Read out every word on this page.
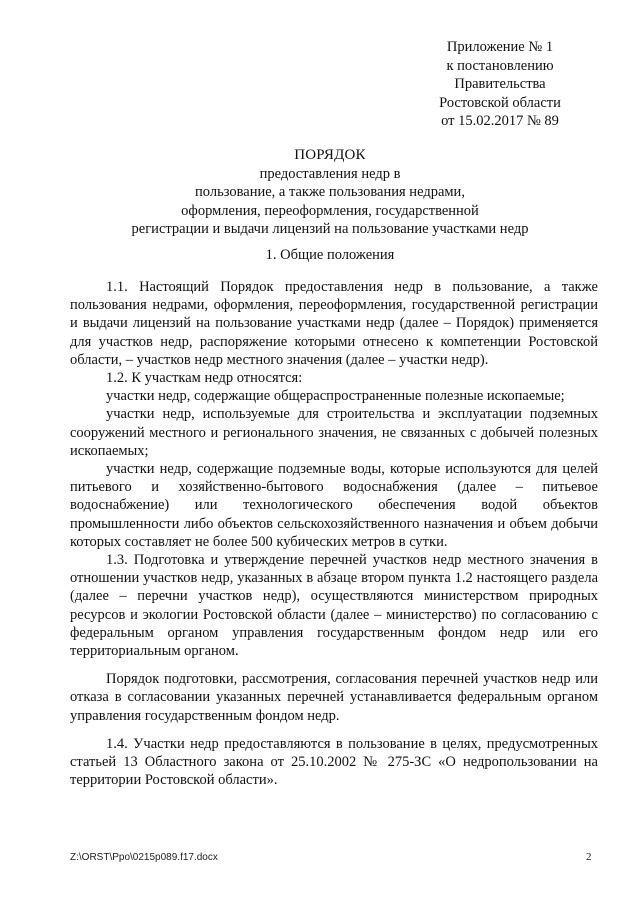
Приложение № 1
к постановлению
Правительства
Ростовской области
от 15.02.2017 № 89
ПОРЯДОК
предоставления недр в
пользование, а также пользования недрами,
оформления, переоформления, государственной
регистрации и выдачи лицензий на пользование участками недр
1. Общие положения

1.1. Настоящий Порядок предоставления недр в пользование, а также пользования недрами, оформления, переоформления, государственной регистрации и выдачи лицензий на пользование участками недр (далее – Порядок) применяется для участков недр, распоряжение которыми отнесено к компетенции Ростовской области, – участков недр местного значения (далее – участки недр).

1.2. К участкам недр относятся:

участки недр, содержащие общераспространенные полезные ископаемые;

участки недр, используемые для строительства и эксплуатации подземных сооружений местного и регионального значения, не связанных с добычей полезных ископаемых;

участки недр, содержащие подземные воды, которые используются для целей питьевого и хозяйственно-бытового водоснабжения (далее – питьевое водоснабжение) или технологического обеспечения водой объектов промышленности либо объектов сельскохозяйственного назначения и объем добычи которых составляет не более 500 кубических метров в сутки.

1.3. Подготовка и утверждение перечней участков недр местного значения в отношении участков недр, указанных в абзаце втором пункта 1.2 настоящего раздела (далее – перечни участков недр), осуществляются министерством природных ресурсов и экологии Ростовской области (далее – министерство) по согласованию с федеральным органом управления государственным фондом недр или его территориальным органом.

Порядок подготовки, рассмотрения, согласования перечней участков недр или отказа в согласовании указанных перечней устанавливается федеральным органом управления государственным фондом недр.

1.4. Участки недр предоставляются в пользование в целях, предусмотренных статьей 13 Областного закона от 25.10.2002 № 275-ЗС «О недропользовании на территории Ростовской области».

Z:\ORST\Ppo\0215p089.f17.docx	2
